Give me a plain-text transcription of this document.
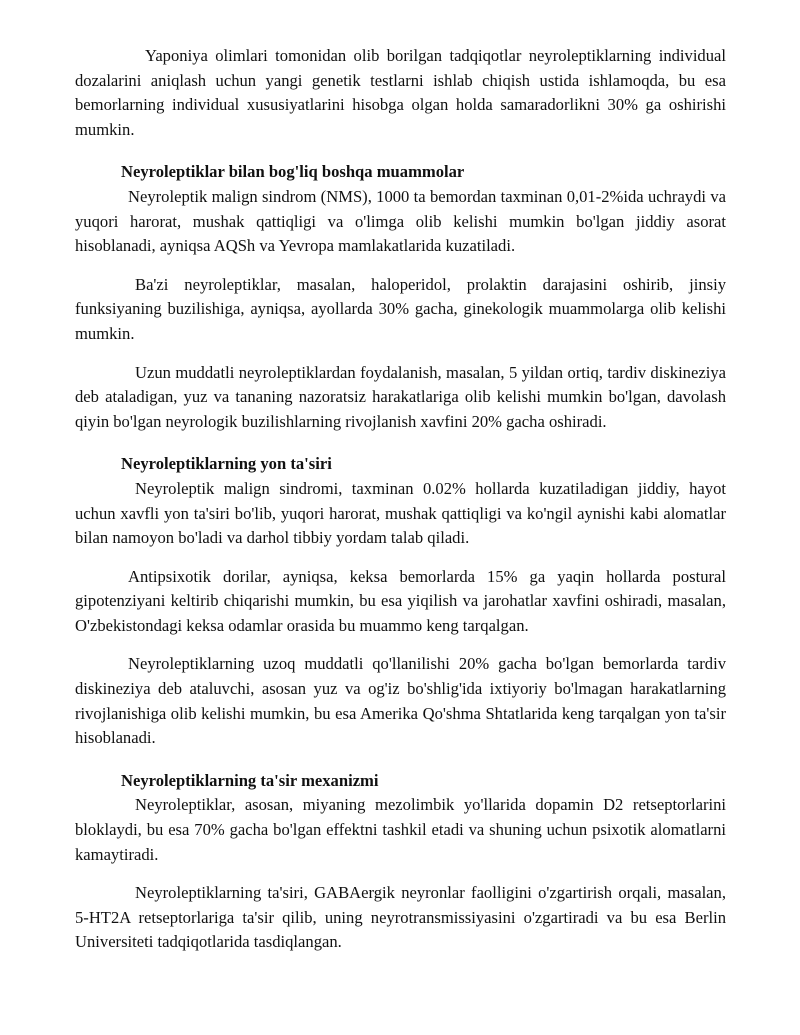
Yaponiya olimlari tomonidan olib borilgan tadqiqotlar neyroleptiklarning individual dozalarini aniqlash uchun yangi genetik testlarni ishlab chiqish ustida ishlamoqda, bu esa bemorlarning individual xususiyatlarini hisobga olgan holda samaradorlikni 30% ga oshirishi mumkin.

Neyroleptiklar bilan bog'liq boshqa muammolar

Neyroleptik malign sindrom (NMS), 1000 ta bemordan taxminan 0,01-2%ida uchraydi va yuqori harorat, mushak qattiqligi va o'limga olib kelishi mumkin bo'lgan jiddiy asorat hisoblanadi, ayniqsa AQSh va Yevropa mamlakatlarida kuzatiladi.

Ba'zi neyroleptiklar, masalan, haloperidol, prolaktin darajasini oshirib, jinsiy funksiyaning buzilishiga, ayniqsa, ayollarda 30% gacha, ginekologik muammolarga olib kelishi mumkin.

Uzun muddatli neyroleptiklardan foydalanish, masalan, 5 yildan ortiq, tardiv diskineziya deb ataladigan, yuz va tananing nazoratsiz harakatlariga olib kelishi mumkin bo'lgan, davolash qiyin bo'lgan neyrologik buzilishlarning rivojlanish xavfini 20% gacha oshiradi.

Neyroleptiklarning yon ta'siri

Neyroleptik malign sindromi, taxminan 0.02% hollarda kuzatiladigan jiddiy, hayot uchun xavfli yon ta'siri bo'lib, yuqori harorat, mushak qattiqligi va ko'ngil aynishi kabi alomatlar bilan namoyon bo'ladi va darhol tibbiy yordam talab qiladi.

Antipsixotik dorilar, ayniqsa, keksa bemorlarda 15% ga yaqin hollarda postural gipotenziyani keltirib chiqarishi mumkin, bu esa yiqilish va jarohatlar xavfini oshiradi, masalan, O'zbekistondagi keksa odamlar orasida bu muammo keng tarqalgan.

Neyroleptiklarning uzoq muddatli qo'llanilishi 20% gacha bo'lgan bemorlarda tardiv diskineziya deb ataluvchi, asosan yuz va og'iz bo'shlig'ida ixtiyoriy bo'lmagan harakatlarning rivojlanishiga olib kelishi mumkin, bu esa Amerika Qo'shma Shtatlarida keng tarqalgan yon ta'sir hisoblanadi.

Neyroleptiklarning ta'sir mexanizmi

Neyroleptiklar, asosan, miyaning mezolimbik yo'llarida dopamin D2 retseptorlarini bloklaydi, bu esa 70% gacha bo'lgan effektni tashkil etadi va shuning uchun psixotik alomatlarni kamaytiradi.

Neyroleptiklarning ta'siri, GABAergik neyronlar faolligini o'zgartirish orqali, masalan, 5-HT2A retseptorlariga ta'sir qilib, uning neyrotransmissiyasini o'zgartiradi va bu esa Berlin Universiteti tadqiqotlarida tasdiqlangan.
